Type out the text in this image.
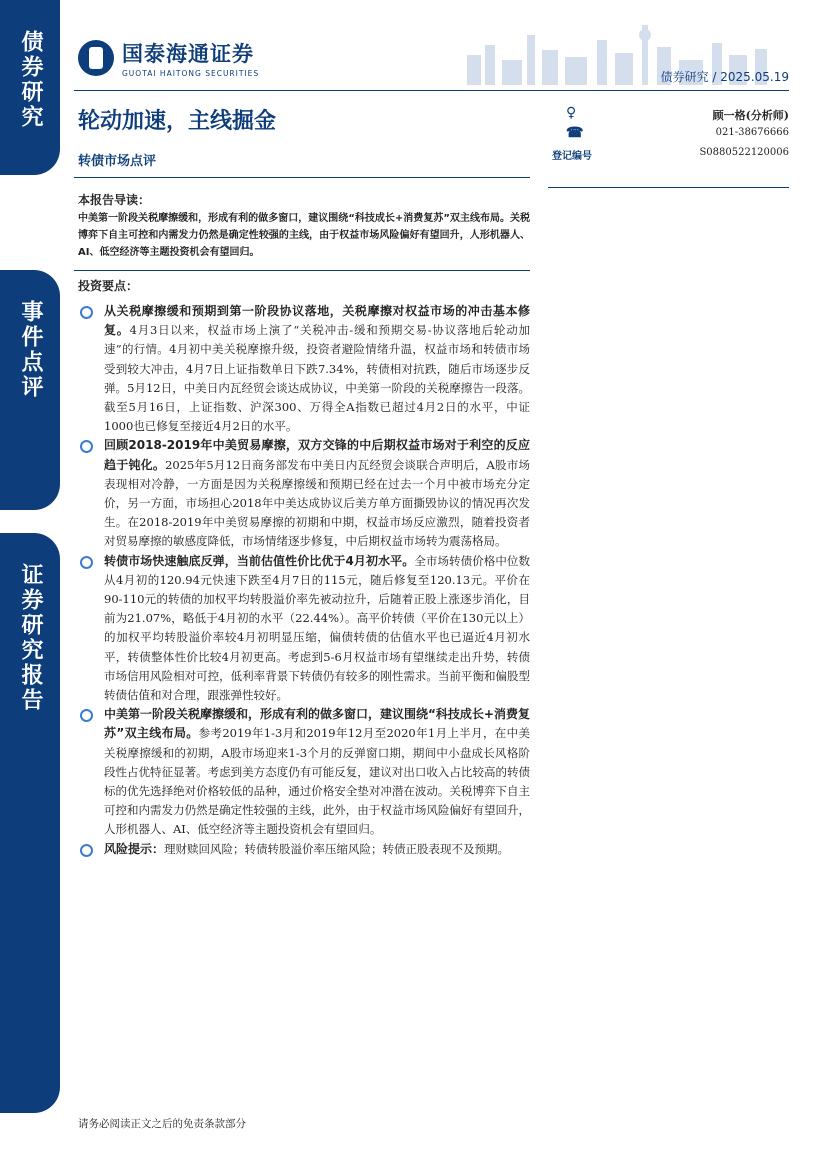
债券研究
事件点评
证券研究报告
国泰海通证券
GUOTAI HAITONG SECURITIES	债券研究 / 2025.05.19
轮动加速，主线掘金
转债市场点评
♀	顾一格(分析师)
☎	021-38676666
登记编号	S0880522120006
本报告导读：
中美第一阶段关税摩擦缓和，形成有利的做多窗口，建议围绕“科技成长+消费复苏”双主线布局。关税博弈下自主可控和内需发力仍然是确定性较强的主线，由于权益市场风险偏好有望回升，人形机器人、AI、低空经济等主题投资机会有望回归。
投资要点：
从关税摩擦缓和预期到第一阶段协议落地，关税摩擦对权益市场的冲击基本修复。4月3日以来，权益市场上演了“关税冲击-缓和预期交易-协议落地后轮动加速”的行情。4月初中美关税摩擦升级，投资者避险情绪升温，权益市场和转债市场受到较大冲击，4月7日上证指数单日下跌7.34%，转债相对抗跌，随后市场逐步反弹。5月12日，中美日内瓦经贸会谈达成协议，中美第一阶段的关税摩擦告一段落。截至5月16日，上证指数、沪深300、万得全A指数已超过4月2日的水平，中证1000也已修复至接近4月2日的水平。
回顾2018-2019年中美贸易摩擦，双方交锋的中后期权益市场对于利空的反应趋于钝化。2025年5月12日商务部发布中美日内瓦经贸会谈联合声明后，A股市场表现相对冷静，一方面是因为关税摩擦缓和预期已经在过去一个月中被市场充分定价，另一方面，市场担心2018年中美达成协议后美方单方面撕毁协议的情况再次发生。在2018-2019年中美贸易摩擦的初期和中期，权益市场反应激烈，随着投资者对贸易摩擦的敏感度降低，市场情绪逐步修复，中后期权益市场转为震荡格局。
转债市场快速触底反弹，当前估值性价比优于4月初水平。全市场转债价格中位数从4月初的120.94元快速下跌至4月7日的115元，随后修复至120.13元。平价在90-110元的转债的加权平均转股溢价率先被动拉升，后随着正股上涨逐步消化，目前为21.07%，略低于4月初的水平（22.44%）。高平价转债（平价在130元以上）的加权平均转股溢价率较4月初明显压缩，偏债转债的估值水平也已逼近4月初水平，转债整体性价比较4月初更高。考虑到5-6月权益市场有望继续走出升势，转债市场信用风险相对可控，低利率背景下转债仍有较多的刚性需求。当前平衡和偏股型转债估值和对合理，跟涨弹性较好。
中美第一阶段关税摩擦缓和，形成有利的做多窗口，建议围绕“科技成长+消费复苏”双主线布局。参考2019年1-3月和2019年12月至2020年1月上半月，在中美关税摩擦缓和的初期，A股市场迎来1-3个月的反弹窗口期，期间中小盘成长风格阶段性占优特征显著。考虑到美方态度仍有可能反复，建议对出口收入占比较高的转债标的优先选择绝对价格较低的品种，通过价格安全垫对冲潜在波动。关税博弈下自主可控和内需发力仍然是确定性较强的主线，此外，由于权益市场风险偏好有望回升，人形机器人、AI、低空经济等主题投资机会有望回归。
风险提示：理财赎回风险；转债转股溢价率压缩风险；转债正股表现不及预期。
请务必阅读正文之后的免责条款部分
